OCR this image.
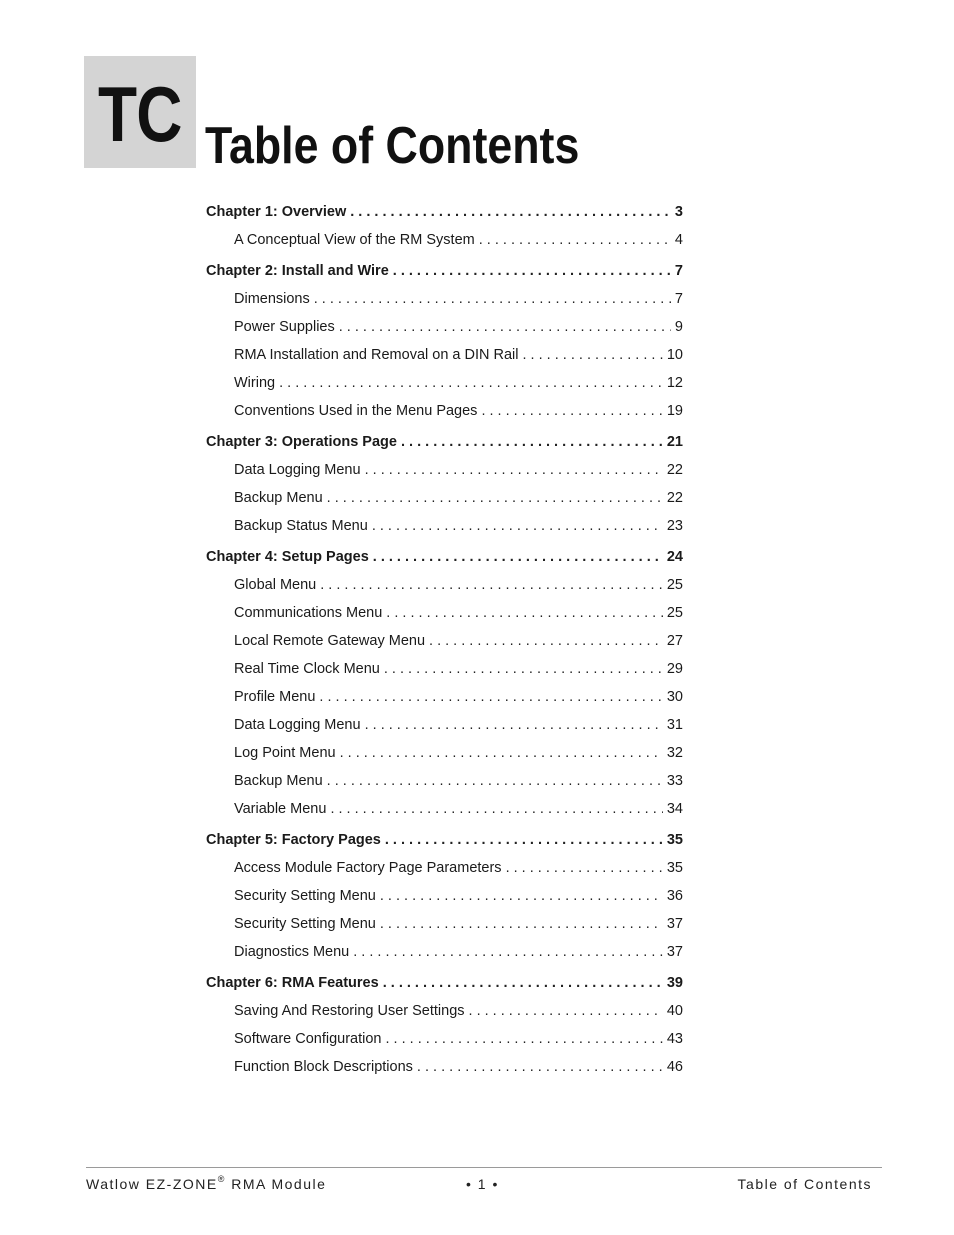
TC Table of Contents
Chapter 1: Overview . . .	3
A Conceptual View of the RM System . . .	4
Chapter 2: Install and Wire . . .	7
Dimensions . . .	7
Power Supplies . . .	9
RMA Installation and Removal on a DIN Rail . . .	10
Wiring . . .	12
Conventions Used in the Menu Pages . . .	19
Chapter 3: Operations Page . . .	21
Data Logging Menu . . .	22
Backup Menu . . .	22
Backup Status Menu . . .	23
Chapter 4: Setup Pages . . .	24
Global Menu . . .	25
Communications Menu . . .	25
Local Remote Gateway Menu . . .	27
Real Time Clock Menu . . .	29
Profile Menu . . .	30
Data Logging Menu . . .	31
Log Point Menu . . .	32
Backup Menu . . .	33
Variable Menu . . .	34
Chapter 5: Factory Pages . . .	35
Access Module Factory Page Parameters . . .	35
Security Setting Menu . . .	36
Security Setting Menu . . .	37
Diagnostics Menu . . .	37
Chapter 6: RMA Features . . .	39
Saving And Restoring User Settings . . .	40
Software Configuration . . .	43
Function Block Descriptions . . .	46
Watlow EZ-ZONE® RMA Module	• 1 •	Table of Contents
